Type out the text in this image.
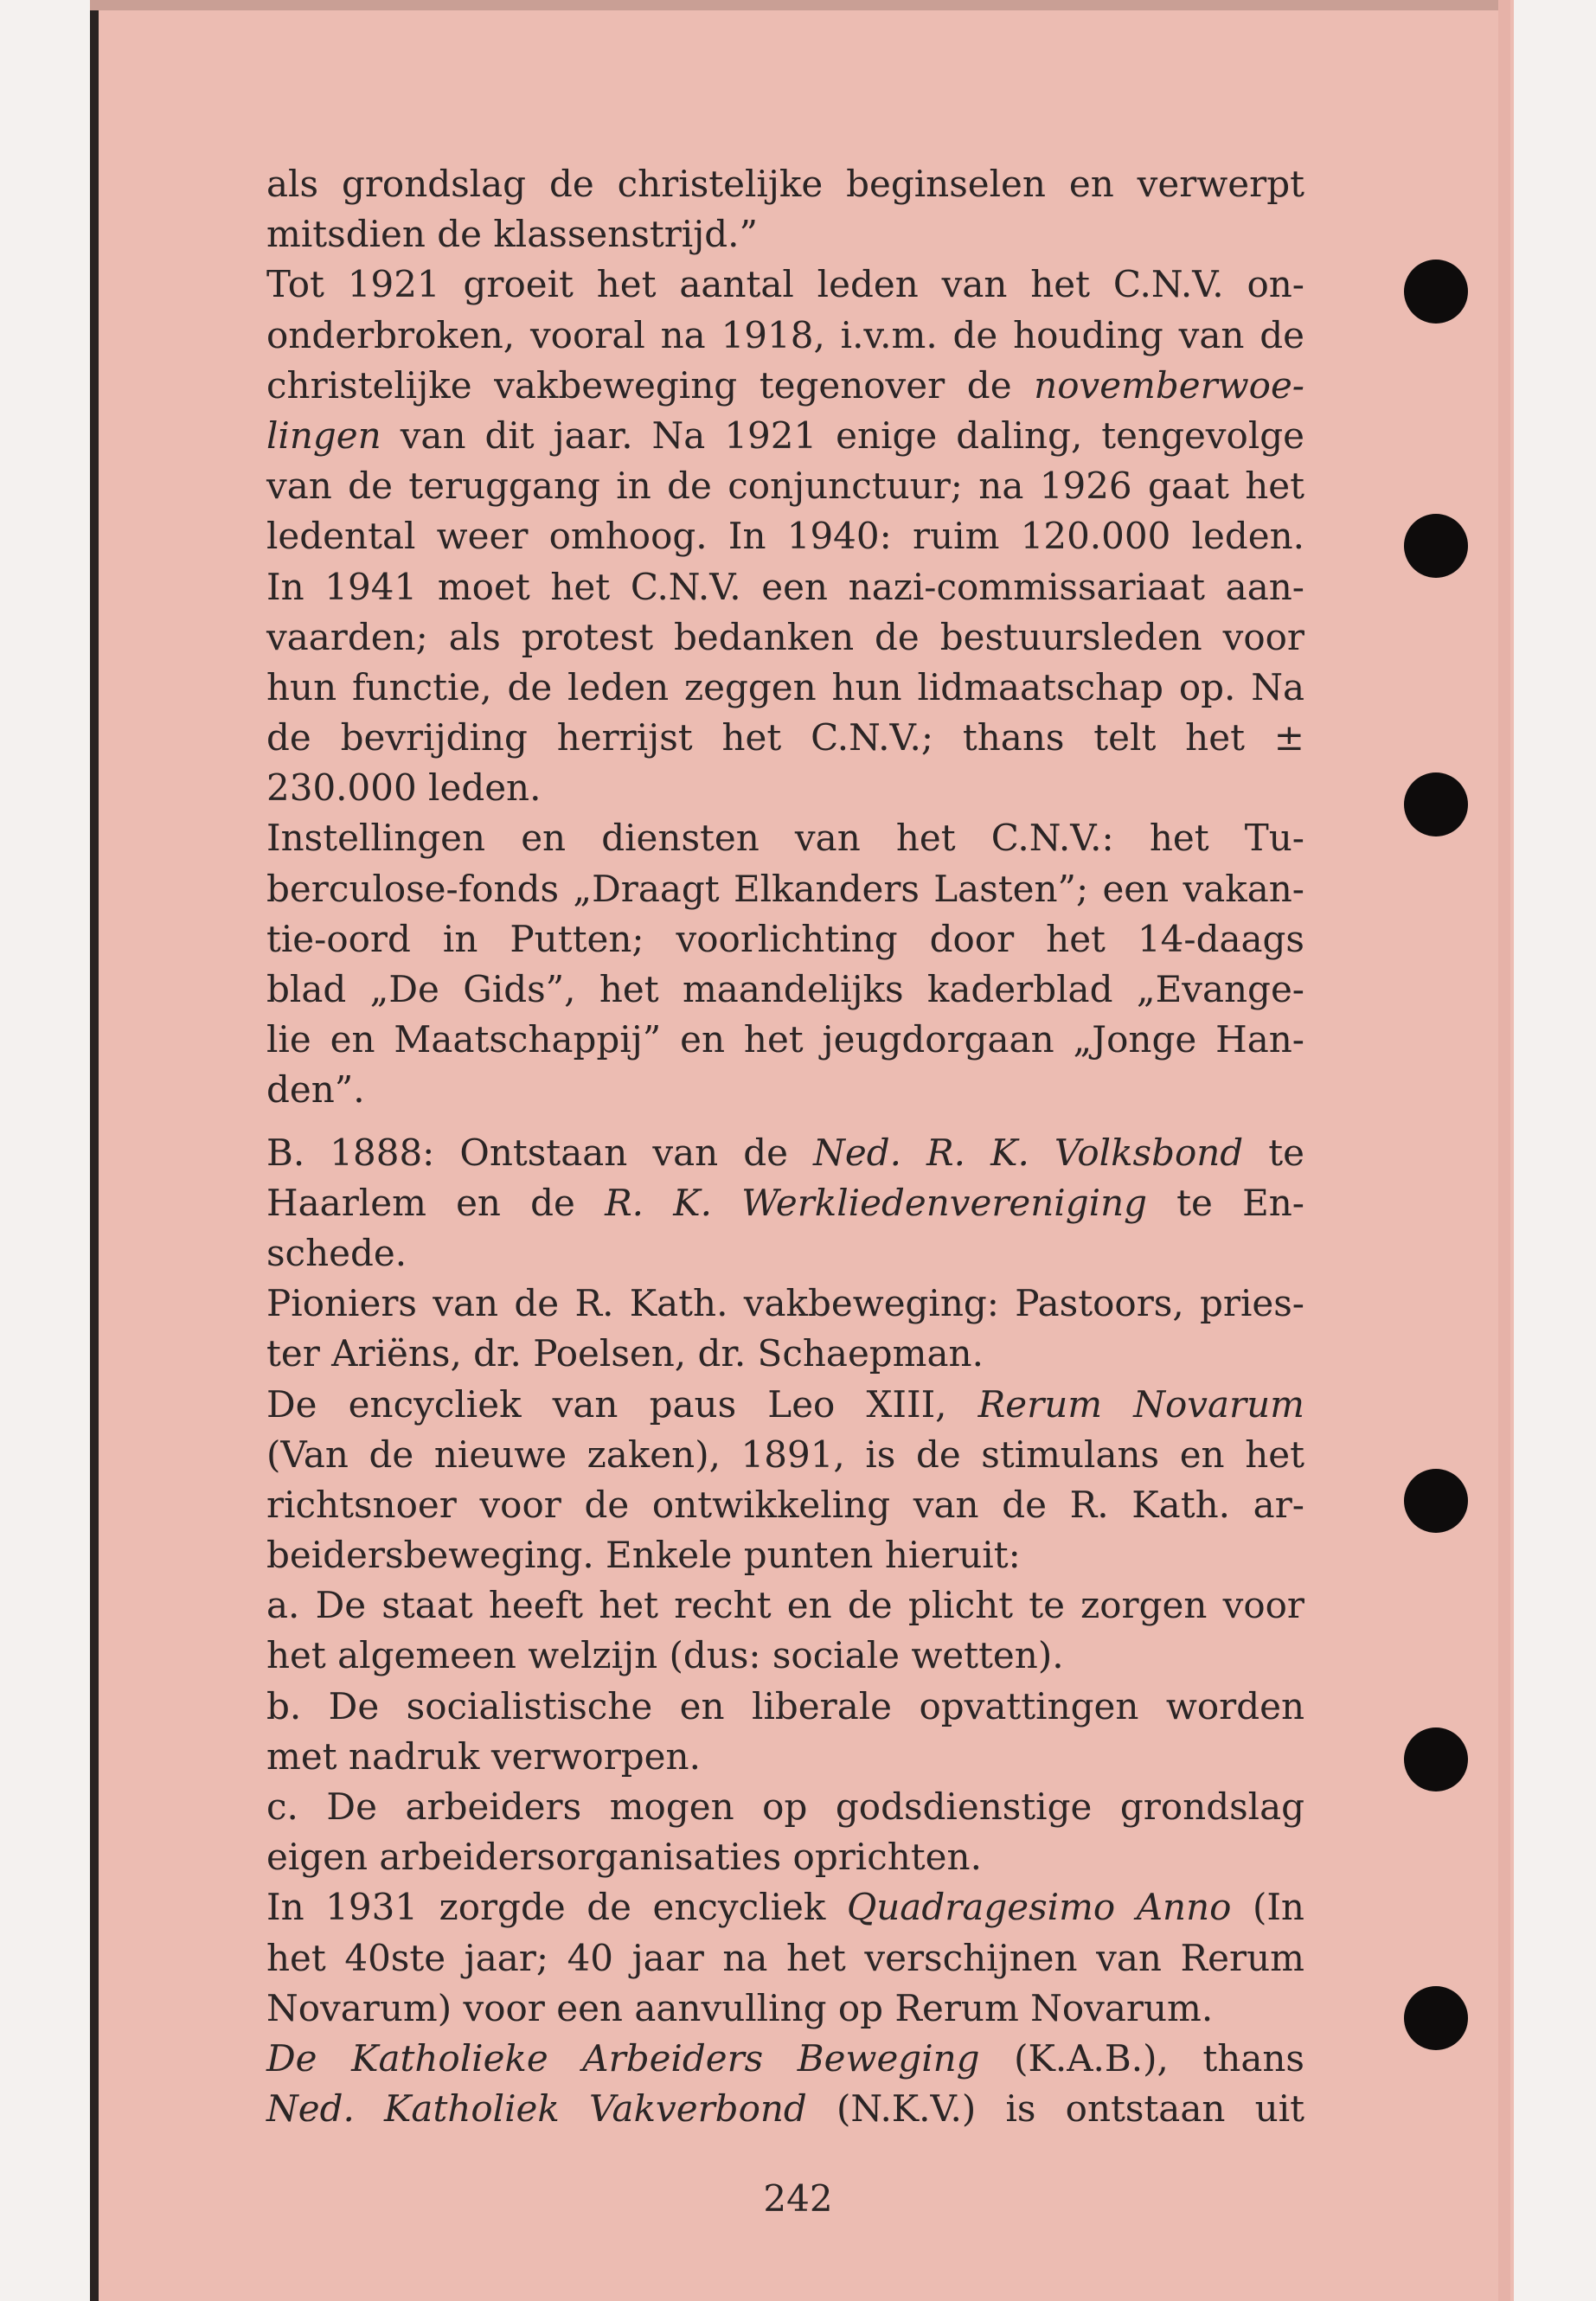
als grondslag de christelijke beginselen en verwerpt
mitsdien de klassenstrijd.”
Tot 1921 groeit het aantal leden van het C.N.V. on-
onderbroken, vooral na 1918, i.v.m. de houding van de
christelijke vakbeweging tegenover de novemberwoe-
lingen van dit jaar. Na 1921 enige daling, tengevolge
van de teruggang in de conjunctuur; na 1926 gaat het
ledental weer omhoog. In 1940: ruim 120.000 leden.
In 1941 moet het C.N.V. een nazi-commissariaat aan-
vaarden; als protest bedanken de bestuursleden voor
hun functie, de leden zeggen hun lidmaatschap op. Na
de bevrijding herrijst het C.N.V.; thans telt het ±
230.000 leden.
Instellingen en diensten van het C.N.V.: het Tu-
berculose-fonds „Draagt Elkanders Lasten”; een vakan-
tie-oord in Putten; voorlichting door het 14-daags
blad „De Gids”, het maandelijks kaderblad „Evange-
lie en Maatschappij” en het jeugdorgaan „Jonge Han-
den”.
B. 1888: Ontstaan van de Ned. R. K. Volksbond te
Haarlem en de R. K. Werkliedenvereniging te En-
schede.
Pioniers van de R. Kath. vakbeweging: Pastoors, pries-
ter Ariëns, dr. Poelsen, dr. Schaepman.
De encycliek van paus Leo XIII, Rerum Novarum
(Van de nieuwe zaken), 1891, is de stimulans en het
richtsnoer voor de ontwikkeling van de R. Kath. ar-
beidersbeweging. Enkele punten hieruit:
a. De staat heeft het recht en de plicht te zorgen voor
het algemeen welzijn (dus: sociale wetten).
b. De socialistische en liberale opvattingen worden
met nadruk verworpen.
c. De arbeiders mogen op godsdienstige grondslag
eigen arbeidersorganisaties oprichten.
In 1931 zorgde de encycliek Quadragesimo Anno (In
het 40ste jaar; 40 jaar na het verschijnen van Rerum
Novarum) voor een aanvulling op Rerum Novarum.
De Katholieke Arbeiders Beweging (K.A.B.), thans
Ned. Katholiek Vakverbond (N.K.V.) is ontstaan uit
242
